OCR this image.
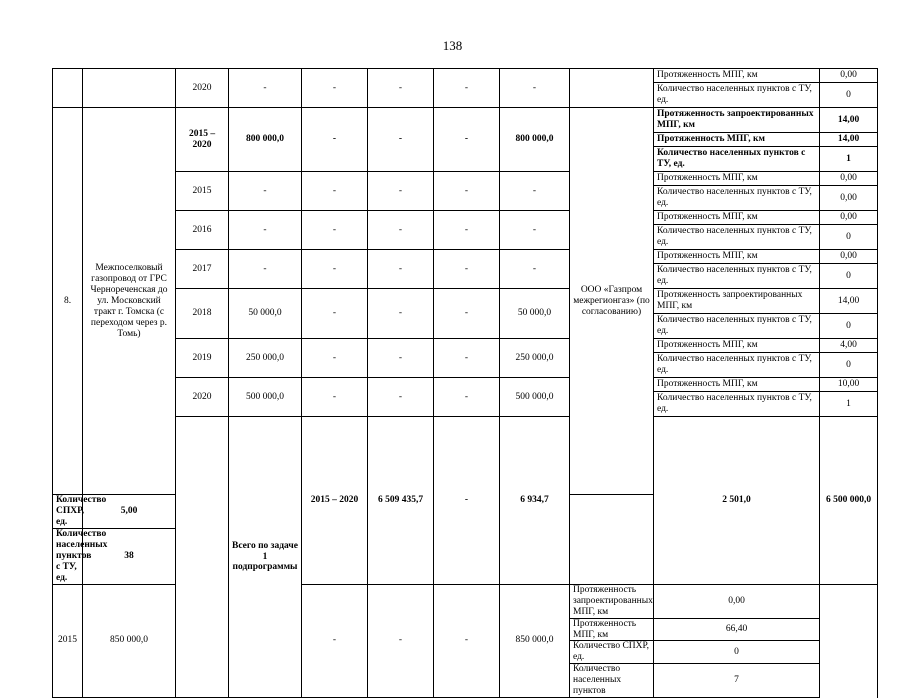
138
		2020	-	-	-	-	-		Протяженность МПГ, км	0,00	
									Количество населенных пунктов с ТУ, ед.	0	
8.	Межпоселковый газопровод от ГРС Черноречeнская до ул. Московский тракт г. Томска (с переходом через р. Томь)	2015 – 2020	800 000,0	-	-	-	800 000,0	ООО «Газпром межрегионгаз» (по согласованию)	Протяженность запроектированных МПГ, км	14,00	
									Протяженность МПГ, км	14,00	
									Количество населенных пунктов с ТУ, ед.	1	
		2015	-	-	-	-	-		Протяженность МПГ, км	0,00	
									Количество населенных пунктов с ТУ, ед.	0,00	
		2016	-	-	-	-	-		Протяженность МПГ, км	0,00	
									Количество населенных пунктов с ТУ, ед.	0	
		2017	-	-	-	-	-		Протяженность МПГ, км	0,00	
									Количество населенных пунктов с ТУ, ед.	0	
		2018	50 000,0	-	-	-	50 000,0		Протяженность запроектированных МПГ, км	14,00	
									Количество населенных пунктов с ТУ, ед.	0	
		2019	250 000,0	-	-	-	250 000,0		Протяженность МПГ, км	4,00	
									Количество населенных пунктов с ТУ, ед.	0	
		2020	500 000,0	-	-	-	500 000,0		Протяженность МПГ, км	10,00	
									Количество населенных пунктов с ТУ, ед.	1	
			Всего по задаче 1 подпрограммы	2015 – 2020	6 509 435,7	-	6 934,7		2 501,0	6 500 000,0			

Количество СПХР, ед.	5,00										
Количество населенных пунктов с ТУ, ед.	38										
2015	850 000,0			-	-	-	850 000,0	Протяженность запроектированных МПГ, км	0,00		
								Протяженность МПГ, км	66,40		
								Количество СПХР, ед.	0		
								Количество населенных пунктов	7		
